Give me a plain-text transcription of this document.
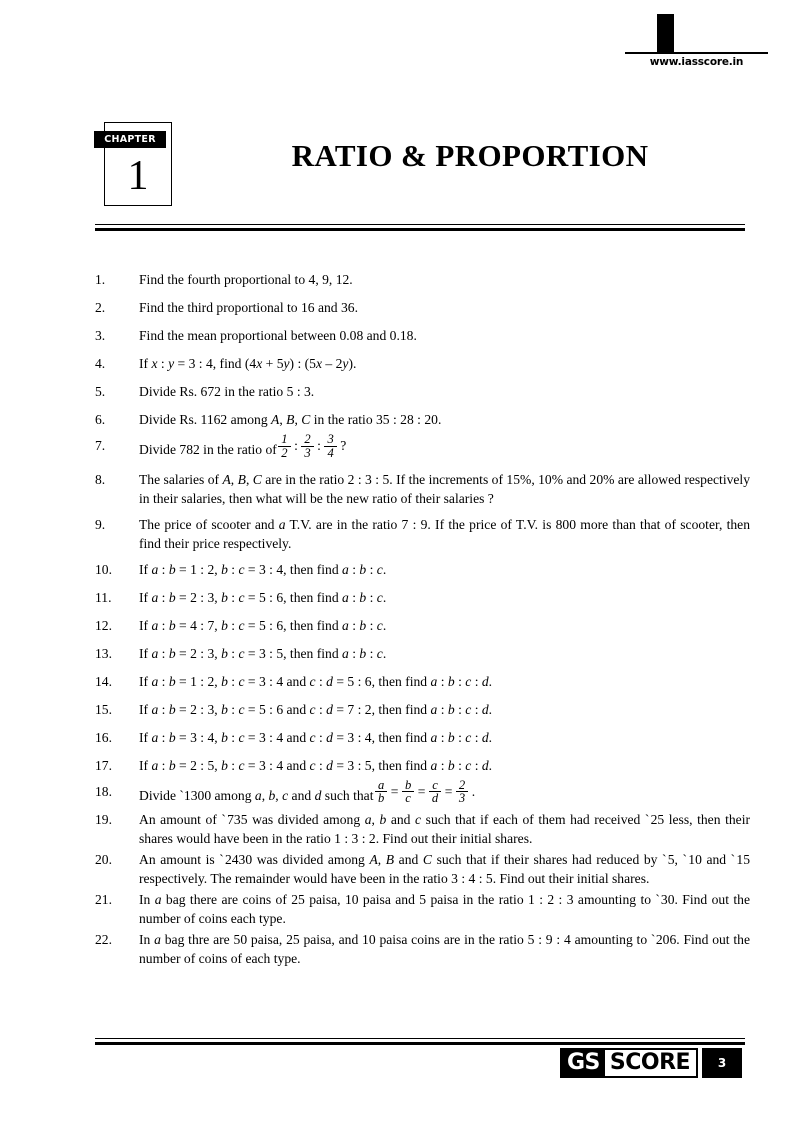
www.iasscore.in
CHAPTER
1	RATIO & PROPORTION
1.	Find the fourth proportional to 4, 9, 12.
2.	Find the third proportional to 16 and 36.
3.	Find the mean proportional between 0.08 and 0.18.
4.	If x : y = 3 : 4, find (4x + 5y) : (5x – 2y).
5.	Divide Rs. 672 in the ratio 5 : 3.
6.	Divide Rs. 1162 among A, B, C in the ratio 35 : 28 : 20.
7.	Divide 782 in the ratio of $\frac{1}{2}$ : $\frac{2}{3}$ : $\frac{3}{4}$ ?
8.	The salaries of A, B, C are in the ratio 2 : 3 : 5. If the increments of 15%, 10% and 20% are allowed respectively in their salaries, then what will be the new ratio of their salaries ?
9.	The price of scooter and a T.V. are in the ratio 7 : 9. If the price of T.V. is 800 more than that of scooter, then find their price respectively.
10.	If a : b = 1 : 2, b : c = 3 : 4, then find a : b : c.
11.	If a : b = 2 : 3, b : c = 5 : 6, then find a : b : c.
12.	If a : b = 4 : 7, b : c = 5 : 6, then find a : b : c.
13.	If a : b = 2 : 3, b : c = 3 : 5, then find a : b : c.
14.	If a : b = 1 : 2, b : c = 3 : 4 and c : d = 5 : 6, then find a : b : c : d.
15.	If a : b = 2 : 3, b : c = 5 : 6 and c : d = 7 : 2, then find a : b : c : d.
16.	If a : b = 3 : 4, b : c = 3 : 4 and c : d = 3 : 4, then find a : b : c : d.
17.	If a : b = 2 : 5, b : c = 3 : 4 and c : d = 3 : 5, then find a : b : c : d.
18.	Divide ˋ1300 among a, b, c and d such that $\frac{a}{b} = \frac{b}{c} = \frac{c}{d} = \frac{2}{3}$ .
19.	An amount of ˋ735 was divided among a, b and c such that if each of them had received ˋ25 less, then their shares would have been in the ratio 1 : 3 : 2. Find out their initial shares.
20.	An amount is ˋ2430 was divided among A, B and C such that if their shares had reduced by ˋ5, ˋ10 and ˋ15 respectively. The remainder would have been in the ratio 3 : 4 : 5. Find out their initial shares.
21.	In a bag there are coins of 25 paisa, 10 paisa and 5 paisa in the ratio 1 : 2 : 3 amounting to ˋ30. Find out the number of coins each type.
22.	In a bag thre are 50 paisa, 25 paisa, and 10 paisa coins are in the ratio 5 : 9 : 4 amounting to ˋ206. Find out the number of coins of each type.
GS SCORE	3
